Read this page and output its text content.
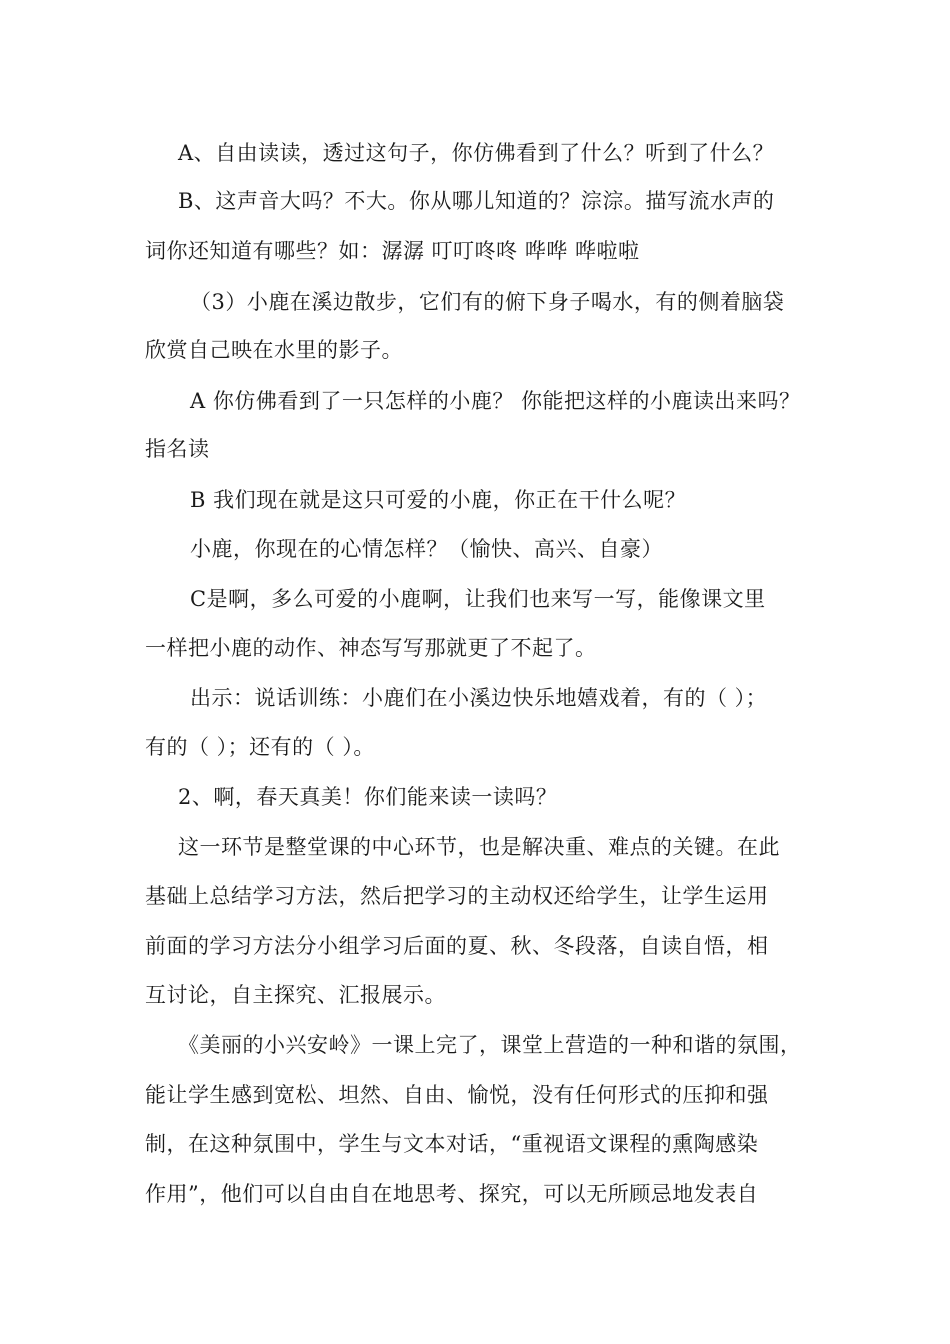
A、自由读读，透过这句子，你仿佛看到了什么？听到了什么？
B、这声音大吗？不大。你从哪儿知道的？淙淙。描写流水声的
词你还知道有哪些？如：潺潺 叮叮咚咚 哗哗 哗啦啦
（3）小鹿在溪边散步，它们有的俯下身子喝水，有的侧着脑袋
欣赏自己映在水里的影子。
A 你仿佛看到了一只怎样的小鹿？ 你能把这样的小鹿读出来吗？
指名读
B 我们现在就是这只可爱的小鹿，你正在干什么呢？
小鹿，你现在的心情怎样？（愉快、高兴、自豪）
C是啊，多么可爱的小鹿啊，让我们也来写一写，能像课文里
一样把小鹿的动作、神态写写那就更了不起了。
出示：说话训练：小鹿们在小溪边快乐地嬉戏着，有的（ ）；
有的（ ）；还有的（ ）。
2、啊，春天真美！你们能来读一读吗？
这一环节是整堂课的中心环节，也是解决重、难点的关键。在此
基础上总结学习方法，然后把学习的主动权还给学生，让学生运用
前面的学习方法分小组学习后面的夏、秋、冬段落，自读自悟，相
互讨论，自主探究、汇报展示。
《美丽的小兴安岭》一课上完了，课堂上营造的一种和谐的氛围，
能让学生感到宽松、坦然、自由、愉悦，没有任何形式的压抑和强
制，在这种氛围中，学生与文本对话，“重视语文课程的熏陶感染
作用”，他们可以自由自在地思考、探究，可以无所顾忌地发表自
